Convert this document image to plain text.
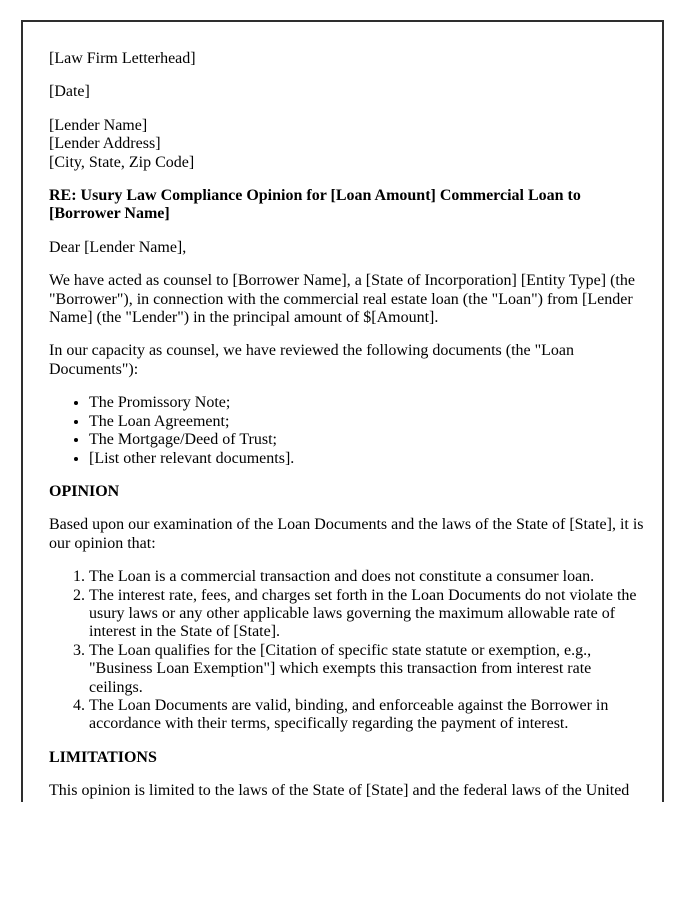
[Law Firm Letterhead]

[Date]

[Lender Name]
[Lender Address]
[City, State, Zip Code]

RE: Usury Law Compliance Opinion for [Loan Amount] Commercial Loan to [Borrower Name]

Dear [Lender Name],

We have acted as counsel to [Borrower Name], a [State of Incorporation] [Entity Type] (the "Borrower"), in connection with the commercial real estate loan (the "Loan") from [Lender Name] (the "Lender") in the principal amount of $[Amount].

In our capacity as counsel, we have reviewed the following documents (the "Loan Documents"):

• The Promissory Note;
• The Loan Agreement;
• The Mortgage/Deed of Trust;
• [List other relevant documents].

OPINION

Based upon our examination of the Loan Documents and the laws of the State of [State], it is our opinion that:

1. The Loan is a commercial transaction and does not constitute a consumer loan.
2. The interest rate, fees, and charges set forth in the Loan Documents do not violate the usury laws or any other applicable laws governing the maximum allowable rate of interest in the State of [State].
3. The Loan qualifies for the [Citation of specific state statute or exemption, e.g., "Business Loan Exemption"] which exempts this transaction from interest rate ceilings.
4. The Loan Documents are valid, binding, and enforceable against the Borrower in accordance with their terms, specifically regarding the payment of interest.

LIMITATIONS

This opinion is limited to the laws of the State of [State] and the federal laws of the United
